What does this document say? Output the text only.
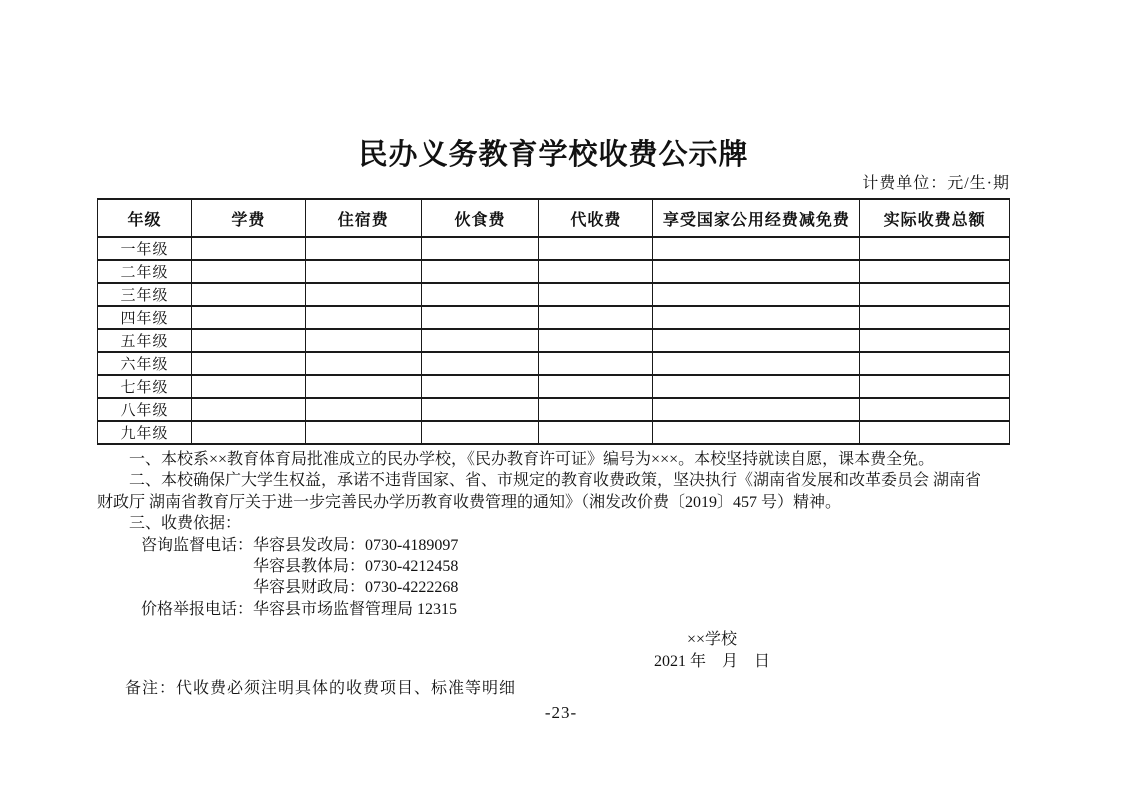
民办义务教育学校收费公示牌
计费单位：元/生·期
年级	学费	住宿费	伙食费	代收费	享受国家公用经费减免费	实际收费总额
一年级						
二年级						
三年级						
四年级						
五年级						
六年级						
七年级						
八年级						
九年级						

一、本校系××教育体育局批准成立的民办学校，《民办教育许可证》编号为×××。本校坚持就读自愿，课本费全免。

二、本校确保广大学生权益，承诺不违背国家、省、市规定的教育收费政策，坚决执行《湖南省发展和改革委员会 湖南省

财政厅 湖南省教育厅关于进一步完善民办学历教育收费管理的通知》（湘发改价费〔2019〕457 号）精神。

三、收费依据：

咨询监督电话： 华容县发改局：0730-4189097
华容县教体局：0730-4212458
华容县财政局：0730-4222268
价格举报电话： 华容县市场监督管理局 12315
××学校
2021 年　月　日

备注：代收费必须注明具体的收费项目、标准等明细

-23-
